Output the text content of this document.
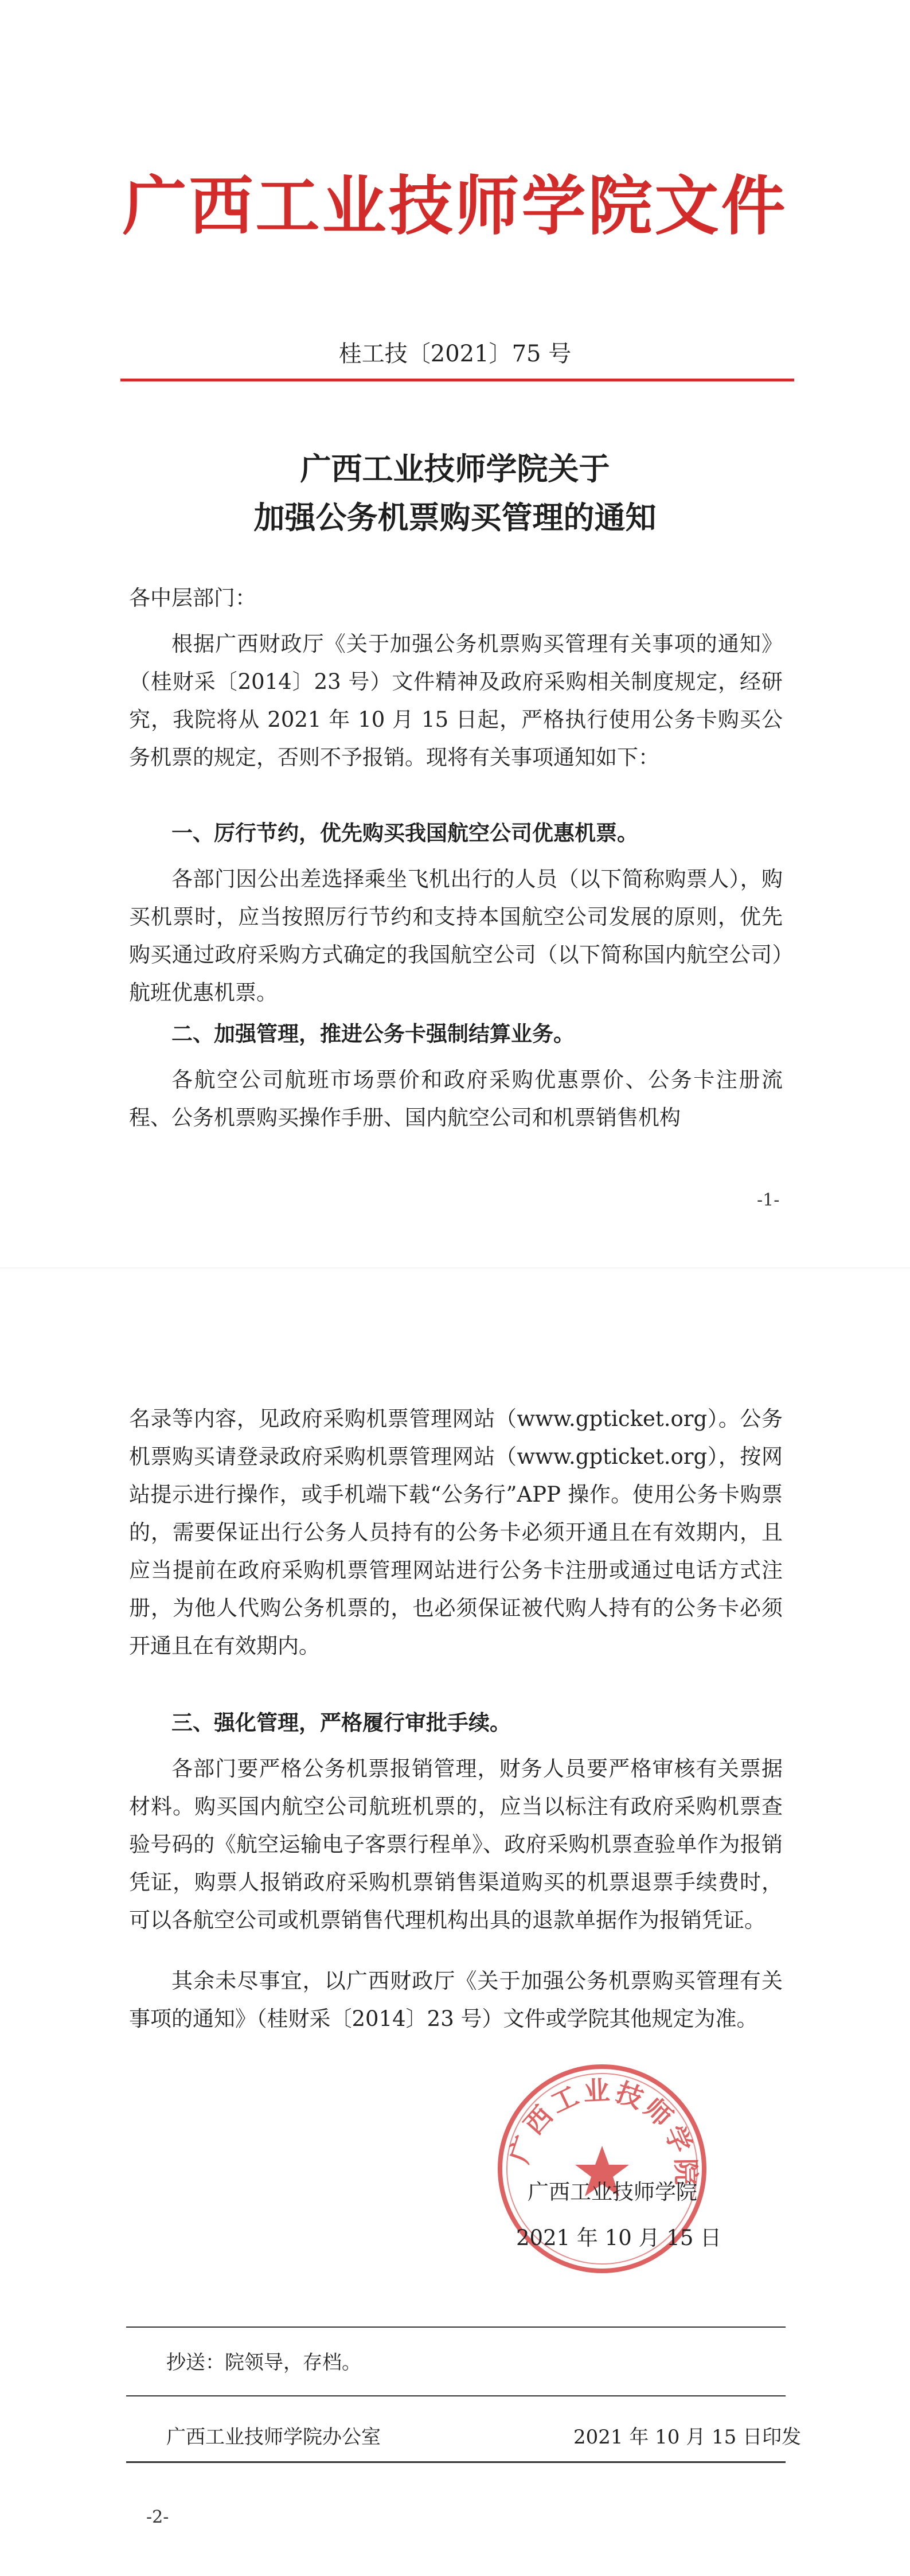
广西工业技师学院文件
桂工技〔2021〕75 号
广西工业技师学院关于
加强公务机票购买管理的通知

各中层部门：

根据广西财政厅《关于加强公务机票购买管理有关事项的通知》（桂财采〔2014〕23 号）文件精神及政府采购相关制度规定，经研究，我院将从 2021 年 10 月 15 日起，严格执行使用公务卡购买公务机票的规定，否则不予报销。现将有关事项通知如下：

一、厉行节约，优先购买我国航空公司优惠机票。

各部门因公出差选择乘坐飞机出行的人员（以下简称购票人），购买机票时，应当按照厉行节约和支持本国航空公司发展的原则，优先购买通过政府采购方式确定的我国航空公司（以下简称国内航空公司）航班优惠机票。

二、加强管理，推进公务卡强制结算业务。

各航空公司航班市场票价和政府采购优惠票价、公务卡注册流程、公务机票购买操作手册、国内航空公司和机票销售机构

-1-

名录等内容，见政府采购机票管理网站（www.gpticket.org）。公务机票购买请登录政府采购机票管理网站（www.gpticket.org），按网站提示进行操作，或手机端下载“公务行”APP 操作。使用公务卡购票的，需要保证出行公务人员持有的公务卡必须开通且在有效期内，且应当提前在政府采购机票管理网站进行公务卡注册或通过电话方式注册，为他人代购公务机票的，也必须保证被代购人持有的公务卡必须开通且在有效期内。

三、强化管理，严格履行审批手续。

各部门要严格公务机票报销管理，财务人员要严格审核有关票据材料。购买国内航空公司航班机票的，应当以标注有政府采购机票查验号码的《航空运输电子客票行程单》、政府采购机票查验单作为报销凭证，购票人报销政府采购机票销售渠道购买的机票退票手续费时，可以各航空公司或机票销售代理机构出具的退款单据作为报销凭证。

其余未尽事宜，以广西财政厅《关于加强公务机票购买管理有关事项的通知》（桂财采〔2014〕23 号）文件或学院其他规定为准。

广西工业技师学院
广西工业技师学院
2021 年 10 月 15 日
抄送：院领导，存档。
广西工业技师学院办公室	2021 年 10 月 15 日印发
-2-
